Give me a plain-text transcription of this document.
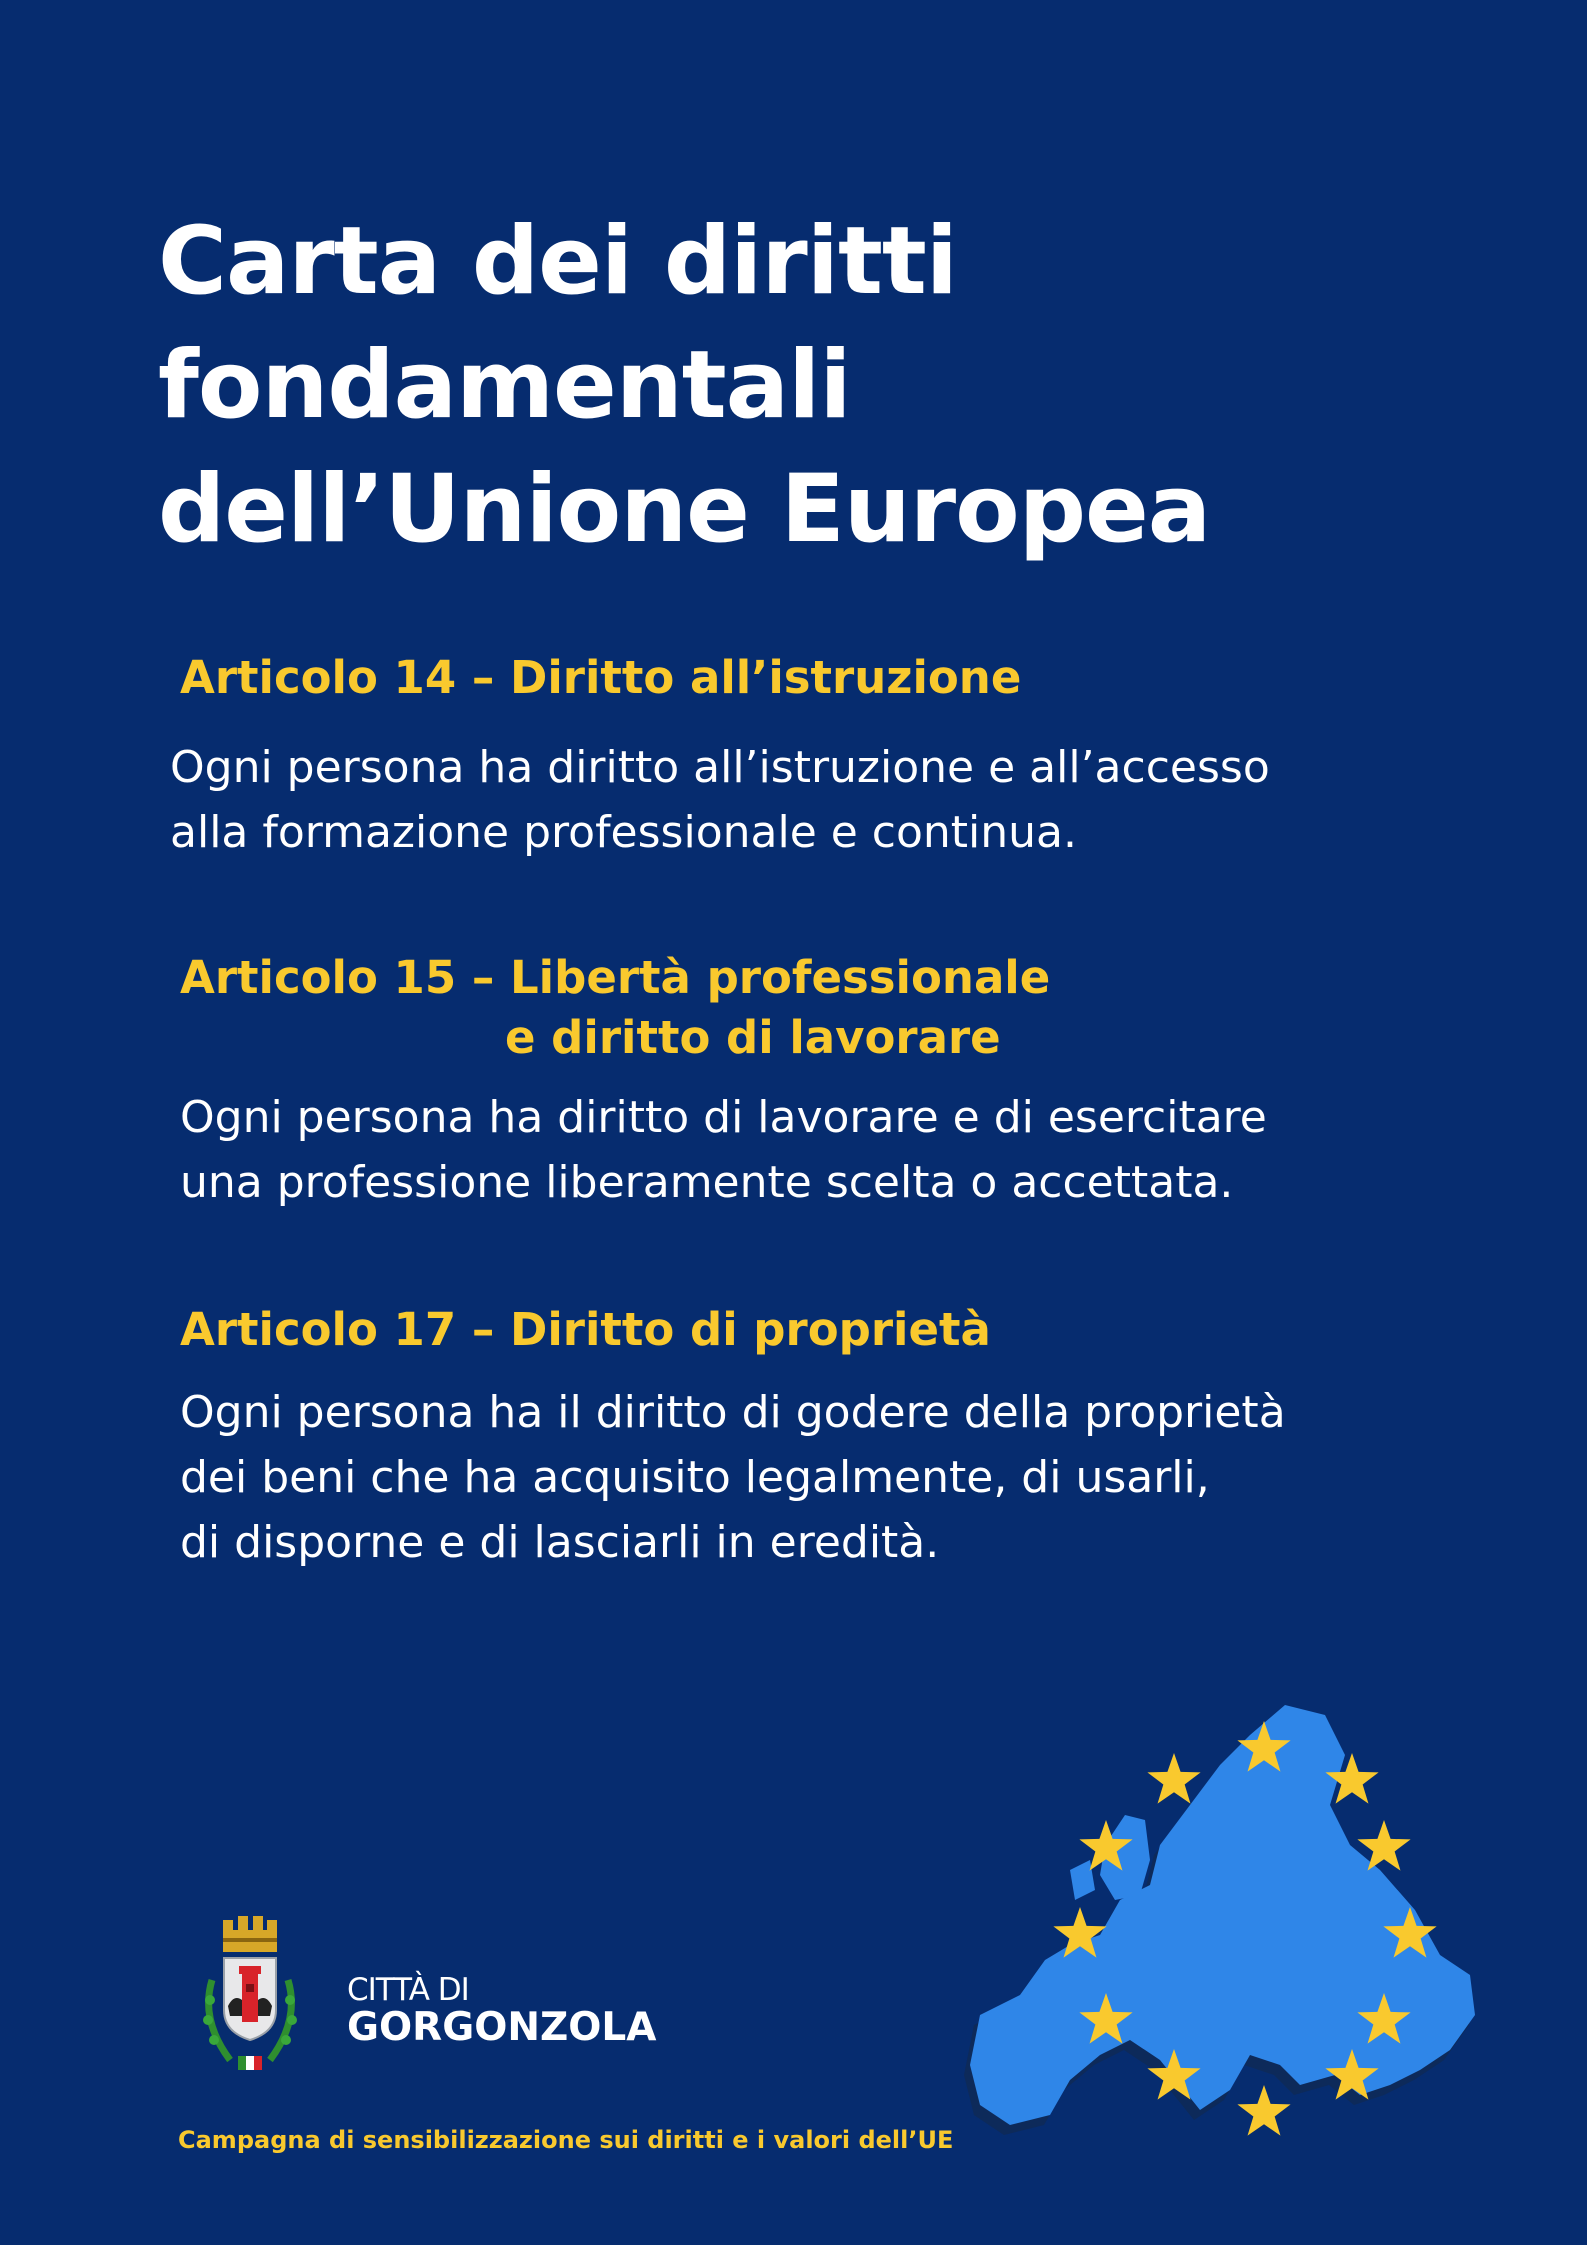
Carta dei diritti
fondamentali
dell’Unione Europea
Articolo 14 – Diritto all’istruzione
Ogni persona ha diritto all’istruzione e all’accesso
alla formazione professionale e continua.
Articolo 15 – Libertà professionale
e diritto di lavorare
Ogni persona ha diritto di lavorare e di esercitare
una professione liberamente scelta o accettata.
Articolo 17 – Diritto di proprietà
Ogni persona ha il diritto di godere della proprietà
dei beni che ha acquisito legalmente, di usarli,
di disporne e di lasciarli in eredità.
CITTÀ DI
GORGONZOLA
Campagna di sensibilizzazione sui diritti e i valori dell’UE
